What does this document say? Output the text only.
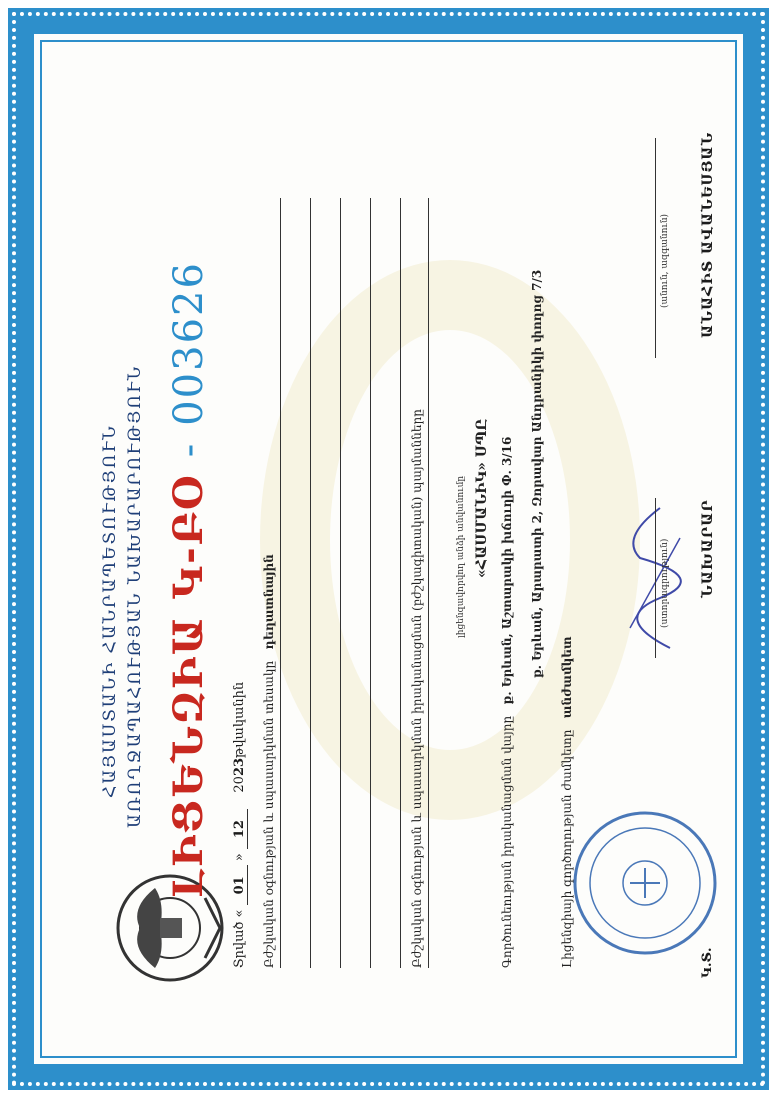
ՀԱՅԱՍՏԱՆԻ ՀԱՆՐԱՊԵՏՈՒԹՅՈՒՆ ԱՌՈՂՋԱՊԱՀՈՒԹՅԱՆ ՆԱԽԱՐԱՐՈՒԹՅՈՒՆ ԼԻՑԵՆԶԻԱ Կ-ԲՕ - 003626
Տրված « 01 » 12    2023թվականին Բժշկական օգնության և սպասարկման տեսակը   դեղատնային	Բժշկական օգնության և սպասարկման իրականացման (բժշկագիտական) պայմանները	լիցենզավորվող անձի անվանումը «ՀԱՍՄԱՆԻԿ» ՍՊԸ
Գործունեության իրականացման վայրը   ք. Երևան, Աշտարակի խճուղի Փ. 3/16 ք. Երևան, Արարատի 2, Զորավար Անդրանիկի փողոց 7/3
Լիցենզիայի գործողության ժամկետը   անժամկետ
Կ.Տ.
ՆԱԽԱՐԱՐ
(ստորագրություն)
(անուն, ազգանուն) ԱՆԱՀԻՏ ԱՎԱՆԵՍՅԱՆ
